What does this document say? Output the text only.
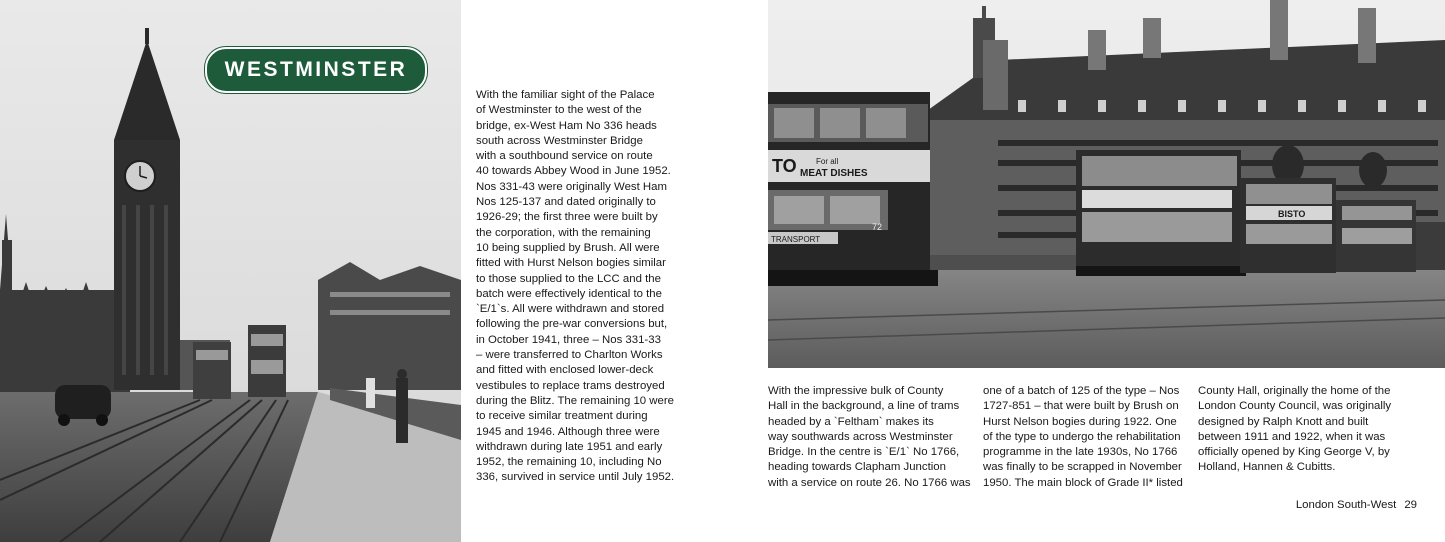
WESTMINSTER
With the familiar sight of the Palace
of Westminster to the west of the
bridge, ex-West Ham No 336 heads
south across Westminster Bridge
with a southbound service on route
40 towards Abbey Wood in June 1952.
Nos 331-43 were originally West Ham
Nos 125-137 and dated originally to
1926-29; the first three were built by
the corporation, with the remaining
10 being supplied by Brush. All were
fitted with Hurst Nelson bogies similar
to those supplied to the LCC and the
batch were effectively identical to the
`E/1`s. All were withdrawn and stored
following the pre-war conversions but,
in October 1941, three – Nos 331-33
– were transferred to Charlton Works
and fitted with enclosed lower-deck
vestibules to replace trams destroyed
during the Blitz. The remaining 10 were
to receive similar treatment during
1945 and 1946. Although three were
withdrawn during late 1951 and early
1952, the remaining 10, including No
336, survived in service until July 1952.
TO For all
MEAT DISHES
TRANSPORT
72
BISTO
With the impressive bulk of County
Hall in the background, a line of trams
headed by a `Feltham` makes its
way southwards across Westminster
Bridge. In the centre is `E/1` No 1766,
heading towards Clapham Junction
with a service on route 26. No 1766 was
one of a batch of 125 of the type – Nos
1727-851 – that were built by Brush on
Hurst Nelson bogies during 1922. One
of the type to undergo the rehabilitation
programme in the late 1930s, No 1766
was finally to be scrapped in November
1950. The main block of Grade II* listed
County Hall, originally the home of the
London County Council, was originally
designed by Ralph Knott and built
between 1911 and 1922, when it was
officially opened by King George V, by
Holland, Hannen & Cubitts.
London South-West 29
